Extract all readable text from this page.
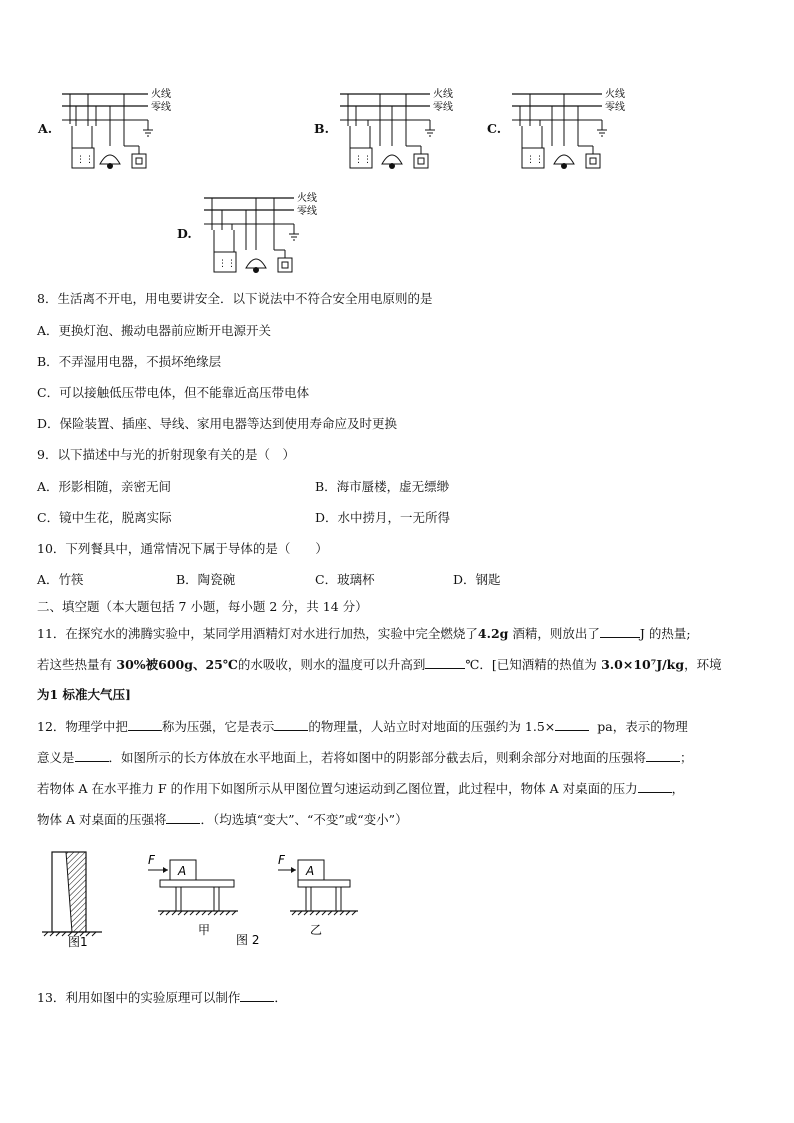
A.
火线
零线
⋮⋮
B.
火线
零线
⋮⋮
C.
火线
零线
⋮⋮
D.
火线
零线
⋮⋮
8．生活离不开电，用电要讲安全．以下说法中不符合安全用电原则的是
A．更换灯泡、搬动电器前应断开电源开关
B．不弄湿用电器，不损坏绝缘层
C．可以接触低压带电体，但不能靠近高压带电体
D．保险装置、插座、导线、家用电器等达到使用寿命应及时更换
9．以下描述中与光的折射现象有关的是（　）
A．形影相随，亲密无间	B．海市蜃楼，虚无缥缈
C．镜中生花，脱离实际	D．水中捞月，一无所得
10．下列餐具中，通常情况下属于导体的是（　　）
A．竹筷	B．陶瓷碗	C．玻璃杯	D．钢匙
二、填空题（本大题包括 7 小题，每小题 2 分，共 14 分）
11．在探究水的沸腾实验中，某同学用酒精灯对水进行加热，实验中完全燃烧了4.2g 酒精，则放出了	J 的热量;
若这些热量有 30%被600g、25℃的水吸收，则水的温度可以升高到	℃．[已知酒精的热值为 3.0×10⁷J/kg，环境
为1 标准大气压]
12．物理学中把	称为压强，它是表示	的物理量，人站立时对地面的压强约为 1.5×	pa，表示的物理
意义是	．如图所示的长方体放在水平地面上，若将如图中的阴影部分截去后，则剩余部分对地面的压强将	；
若物体 A 在水平推力 F 的作用下如图所示从甲图位置匀速运动到乙图位置，此过程中，物体 A 对桌面的压力	，
物体 A 对桌面的压强将	．（均选填“变大”、“不变”或“变小”）
图1
F
A
甲
F
A
乙
图 2
13．利用如图中的实验原理可以制作	．
